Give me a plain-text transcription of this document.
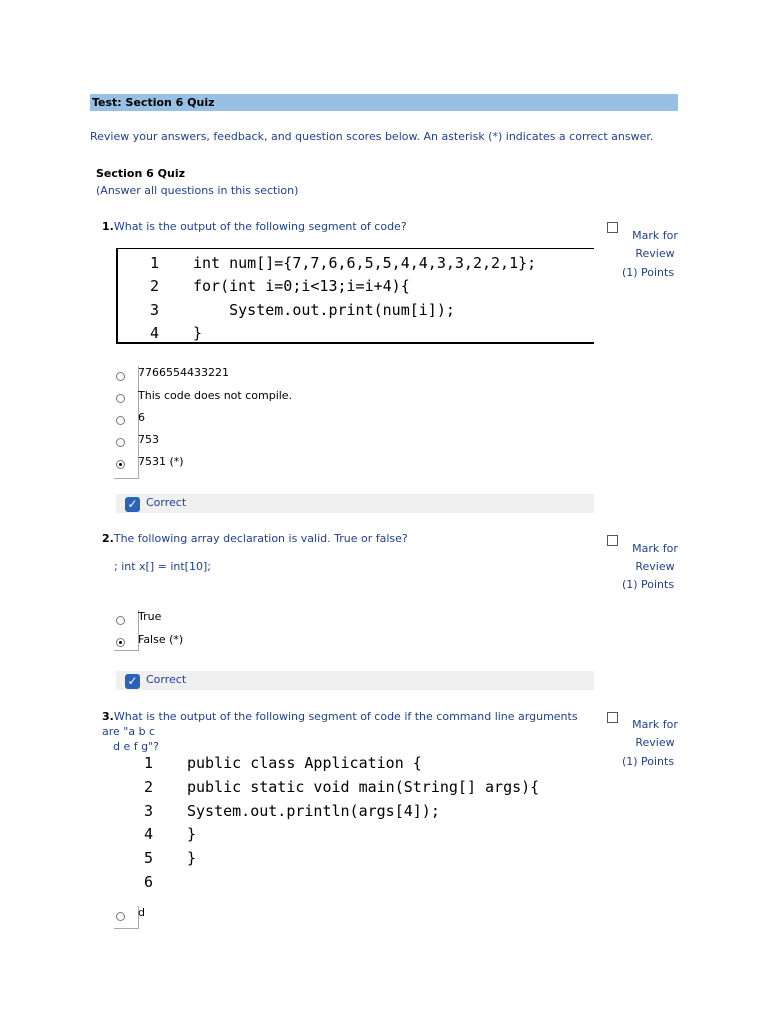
Test: Section 6 Quiz
Review your answers, feedback, and question scores below. An asterisk (*) indicates a correct answer.
Section 6 Quiz
(Answer all questions in this section)
1.What is the output of the following segment of code?
Mark for
Review
(1) Points
1 int num[]={7,7,6,6,5,5,4,4,3,3,2,2,1};
2 for(int i=0;i<13;i=i+4){
3 System.out.print(num[i]);
4 }
7766554433221
This code does not compile.
6
753
7531 (*)
✓ Correct
2.The following array declaration is valid. True or false?
Mark for
Review
(1) Points
; int x[] = int[10];
True
False (*)
✓ Correct
3.What is the output of the following segment of code if the command line arguments are "a b c
d e f g"?
Mark for
Review
(1) Points
1 public class Application {
2 public static void main(String[] args){
3 System.out.println(args[4]);
4 }
5 }
6
d
